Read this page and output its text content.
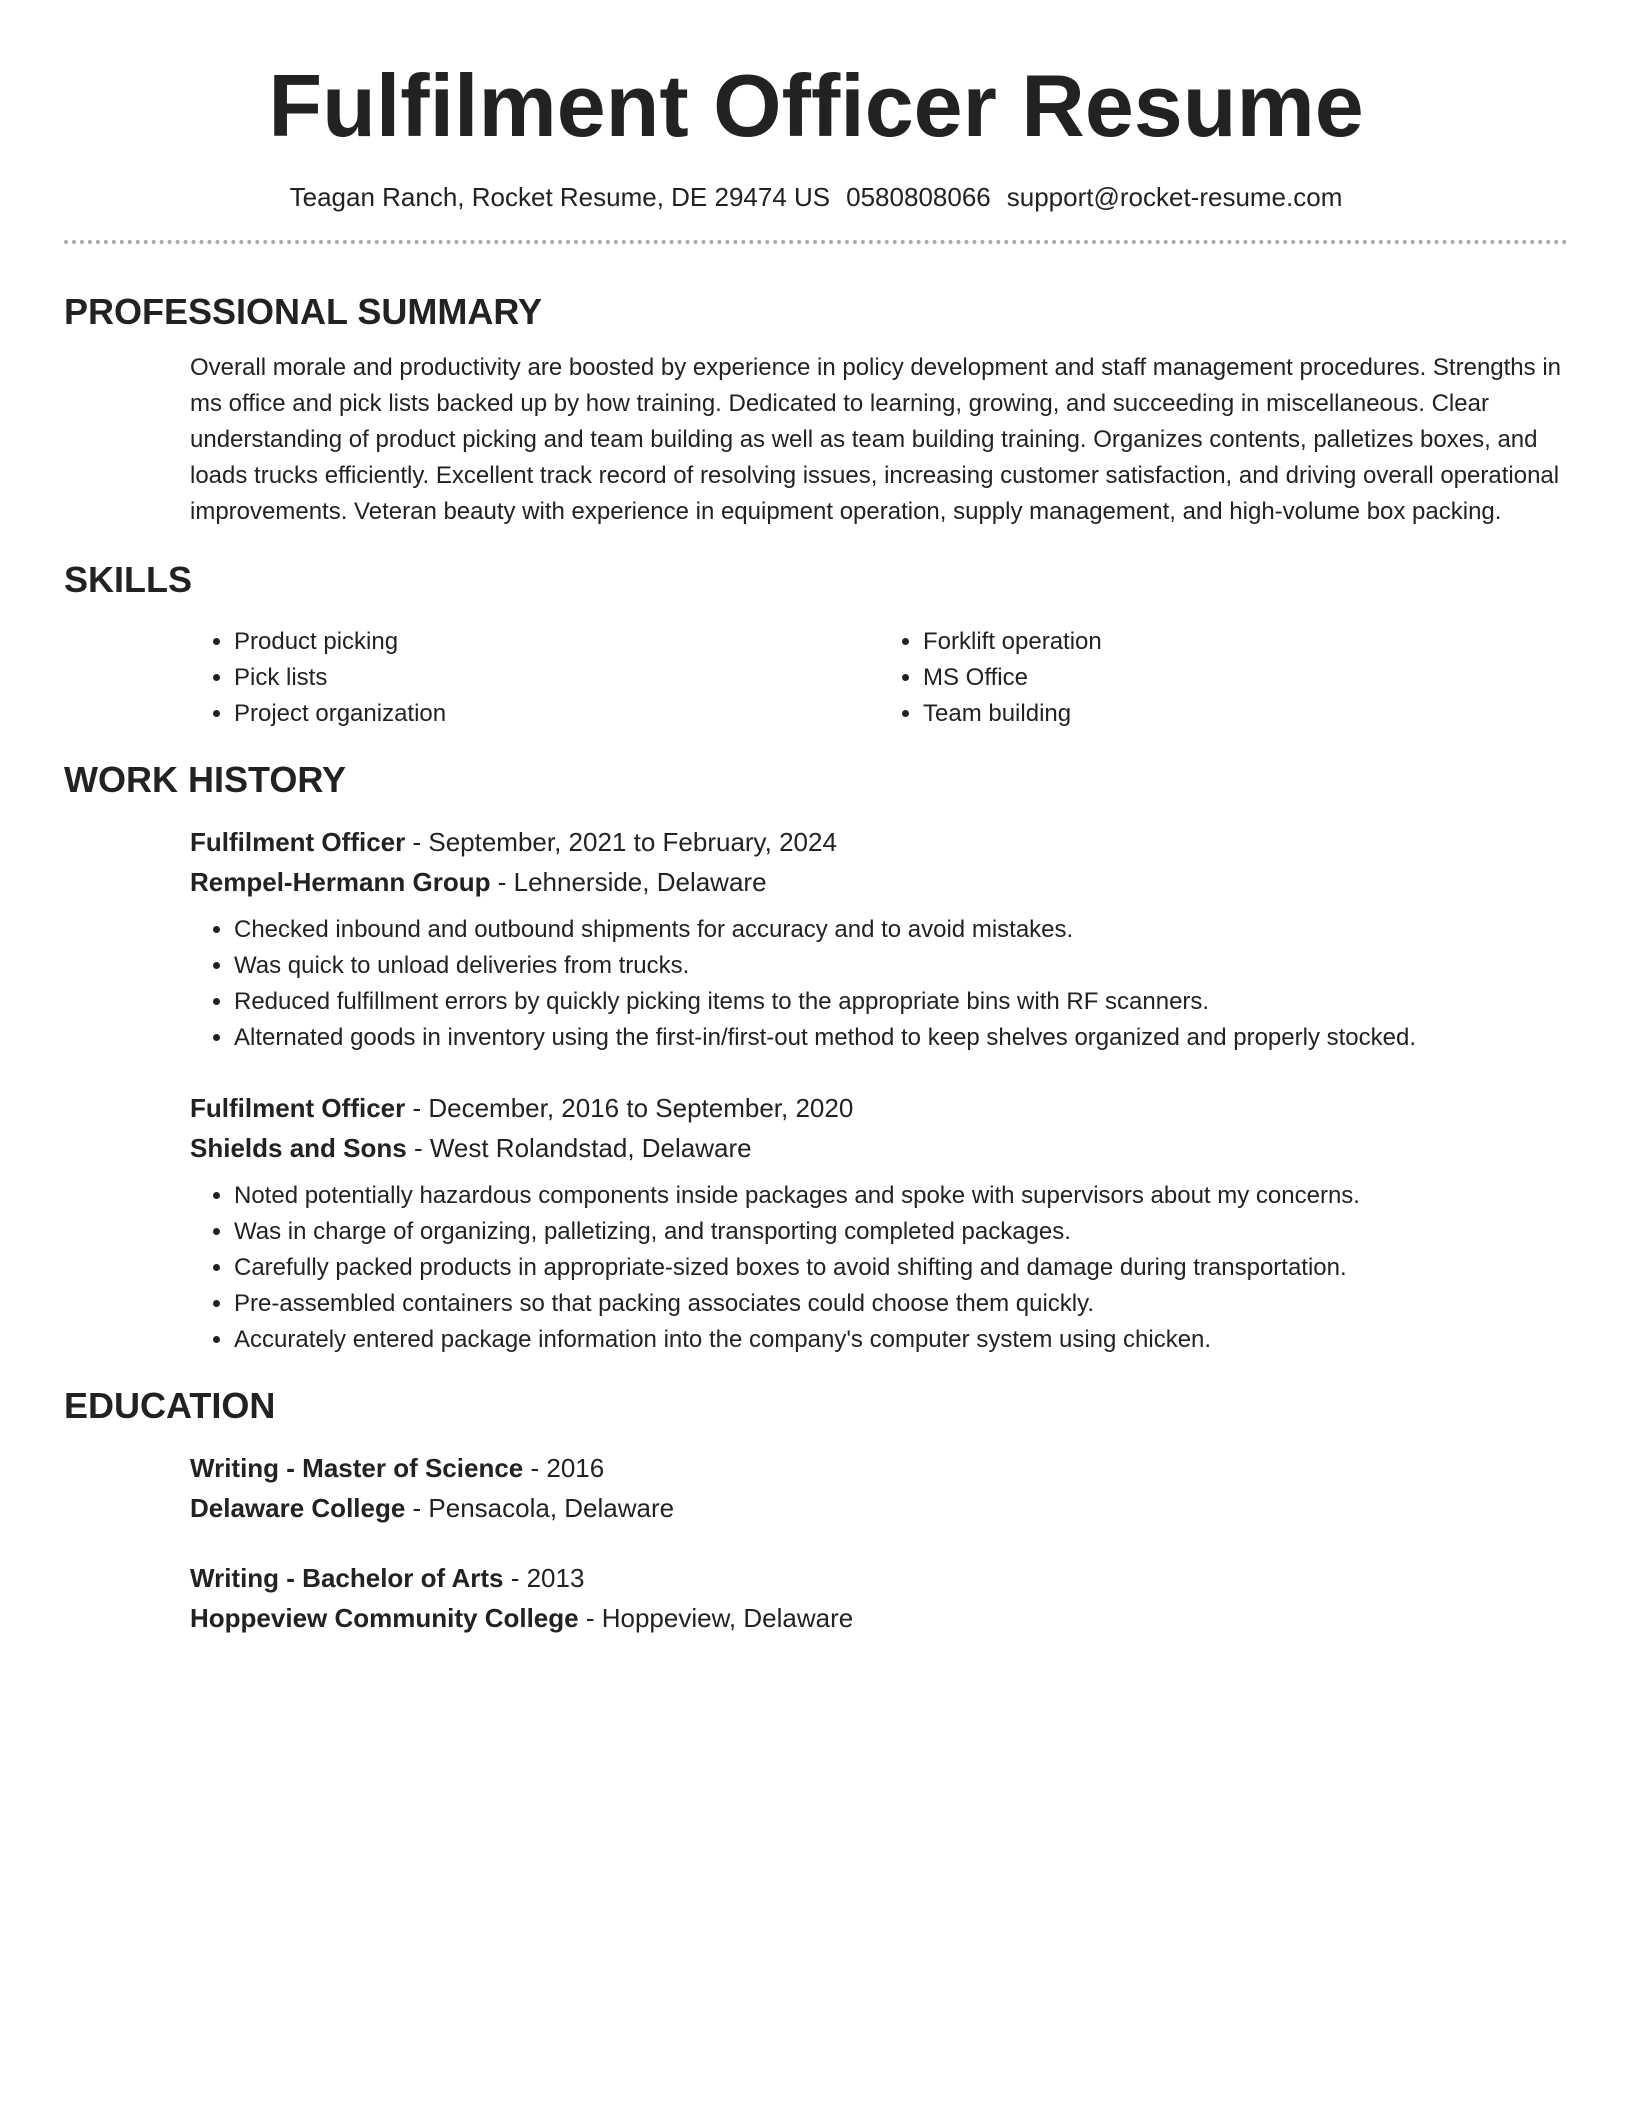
Fulfilment Officer Resume
Teagan Ranch, Rocket Resume, DE 29474 US 0580808066 support@rocket-resume.com
PROFESSIONAL SUMMARY

Overall morale and productivity are boosted by experience in policy development and staff management procedures. Strengths in ms office and pick lists backed up by how training. Dedicated to learning, growing, and succeeding in miscellaneous. Clear understanding of product picking and team building as well as team building training. Organizes contents, palletizes boxes, and loads trucks efficiently. Excellent track record of resolving issues, increasing customer satisfaction, and driving overall operational improvements. Veteran beauty with experience in equipment operation, supply management, and high-volume box packing.

SKILLS
• Product picking
• Pick lists
• Project organization
• Forklift operation
• MS Office
• Team building
WORK HISTORY
Fulfilment Officer - September, 2021 to February, 2024
Rempel-Hermann Group - Lehnerside, Delaware
• Checked inbound and outbound shipments for accuracy and to avoid mistakes.
• Was quick to unload deliveries from trucks.
• Reduced fulfillment errors by quickly picking items to the appropriate bins with RF scanners.
• Alternated goods in inventory using the first-in/first-out method to keep shelves organized and properly stocked.
Fulfilment Officer - December, 2016 to September, 2020
Shields and Sons - West Rolandstad, Delaware
• Noted potentially hazardous components inside packages and spoke with supervisors about my concerns.
• Was in charge of organizing, palletizing, and transporting completed packages.
• Carefully packed products in appropriate-sized boxes to avoid shifting and damage during transportation.
• Pre-assembled containers so that packing associates could choose them quickly.
• Accurately entered package information into the company's computer system using chicken.
EDUCATION
Writing - Master of Science - 2016
Delaware College - Pensacola, Delaware
Writing - Bachelor of Arts - 2013
Hoppeview Community College - Hoppeview, Delaware
